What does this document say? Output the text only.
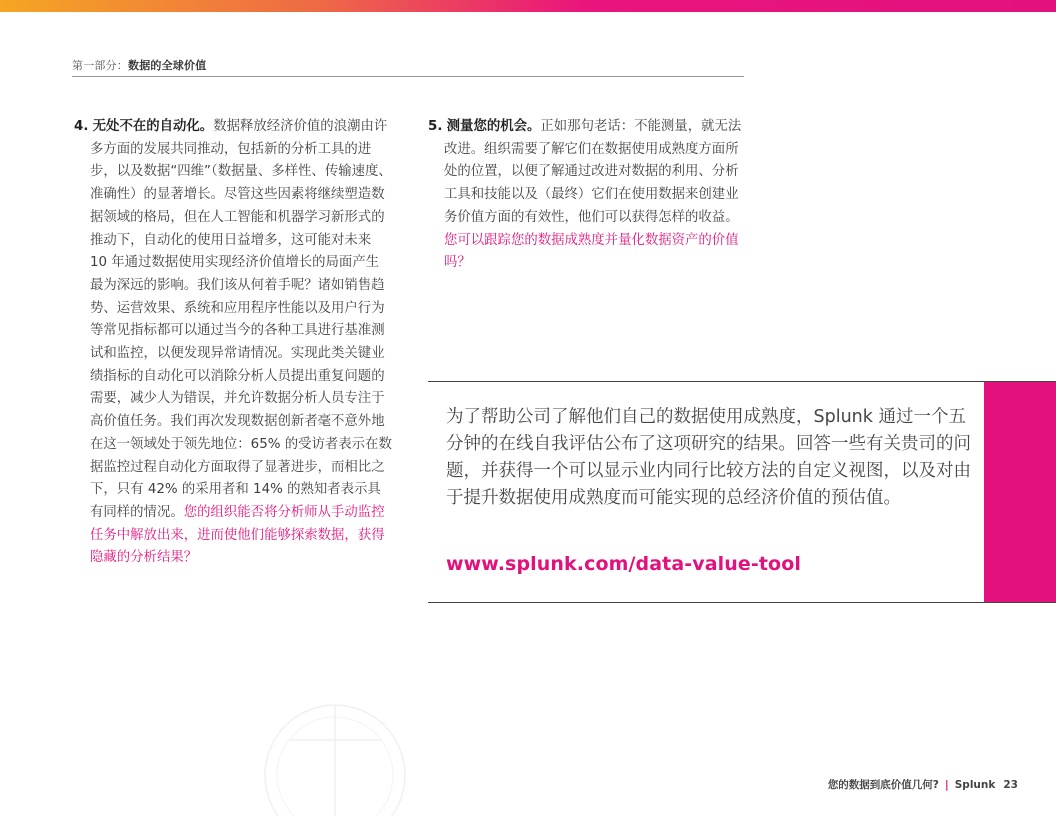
第一部分：数据的全球价值

4. 无处不在的自动化。数据释放经济价值的浪潮由许多方面的发展共同推动，包括新的分析工具的进步，以及数据“四维”（数据量、多样性、传输速度、准确性）的显著增长。尽管这些因素将继续塑造数据领域的格局，但在人工智能和机器学习新形式的推动下，自动化的使用日益增多，这可能对未来 10 年通过数据使用实现经济价值增长的局面产生最为深远的影响。我们该从何着手呢？诸如销售趋势、运营效果、系统和应用程序性能以及用户行为等常见指标都可以通过当今的各种工具进行基准测试和监控，以便发现异常请情况。实现此类关键业绩指标的自动化可以消除分析人员提出重复问题的需要，减少人为错误，并允许数据分析人员专注于高价值任务。我们再次发现数据创新者毫不意外地在这一领域处于领先地位：65% 的受访者表示在数据监控过程自动化方面取得了显著进步，而相比之下，只有 42% 的采用者和 14% 的熟知者表示具有同样的情况。您的组织能否将分析师从手动监控任务中解放出来，进而使他们能够探索数据，获得隐藏的分析结果？

5. 测量您的机会。正如那句老话：不能测量，就无法改进。组织需要了解它们在数据使用成熟度方面所处的位置，以便了解通过改进对数据的利用、分析工具和技能以及（最终）它们在使用数据来创建业务价值方面的有效性，他们可以获得怎样的收益。您可以跟踪您的数据成熟度并量化数据资产的价值吗？

为了帮助公司了解他们自己的数据使用成熟度，Splunk 通过一个五分钟的在线自我评估公布了这项研究的结果。回答一些有关贵司的问题，并获得一个可以显示业内同行比较方法的自定义视图，以及对由于提升数据使用成熟度而可能实现的总经济价值的预估值。
www.splunk.com/data-value-tool
您的数据到底价值几何? | Splunk 23
